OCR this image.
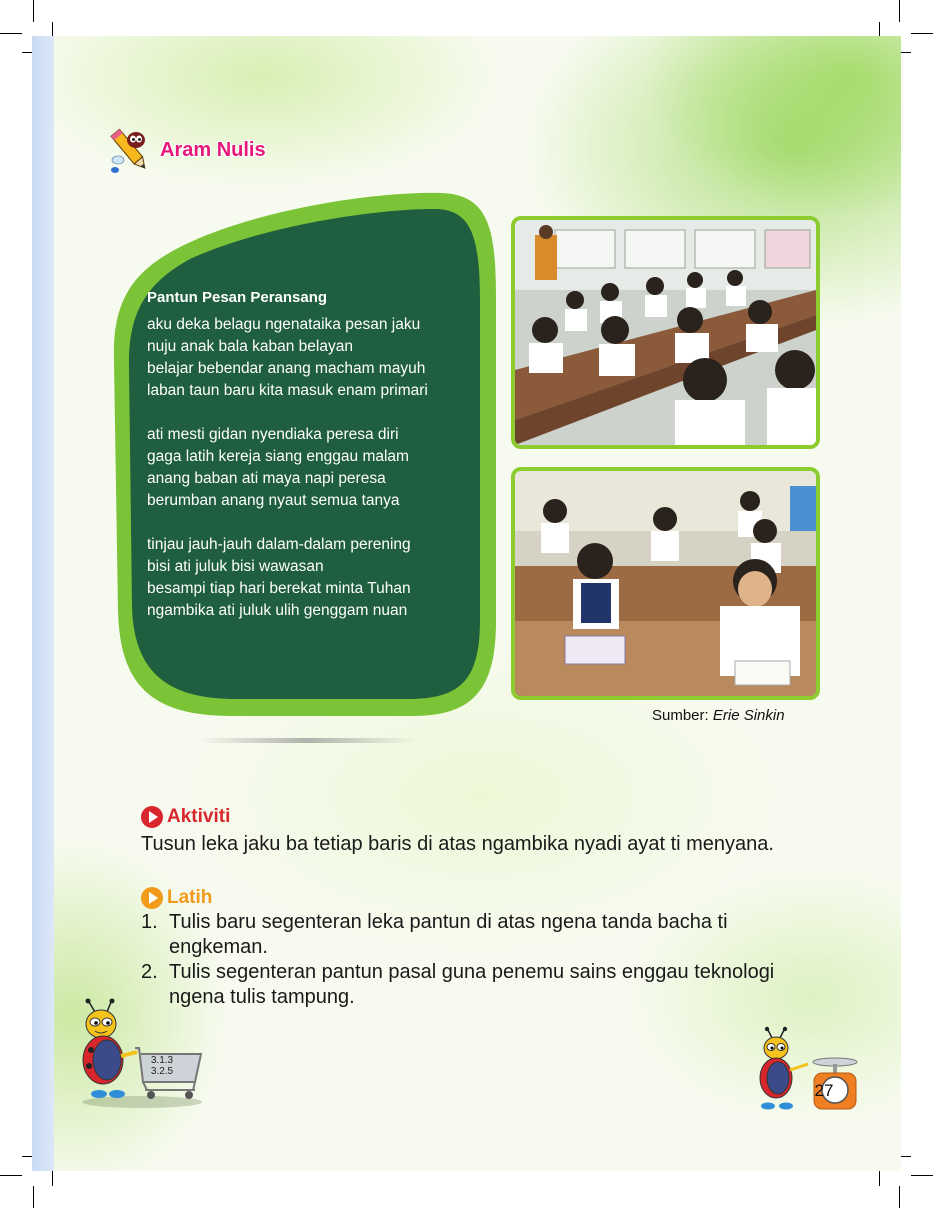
Aram Nulis
Pantun Pesan Peransang
aku deka belagu ngenataika pesan jaku
nuju anak bala kaban belayan
belajar bebendar anang macham mayuh
laban taun baru kita masuk enam primari
ati mesti gidan nyendiaka peresa diri
gaga latih kereja siang enggau malam
anang baban ati maya napi peresa
berumban anang nyaut semua tanya
tinjau jauh-jauh dalam-dalam perening
bisi ati juluk bisi wawasan
besampi tiap hari berekat minta Tuhan
ngambika ati juluk ulih genggam nuan
Sumber: Erie Sinkin
Aktiviti
Tusun leka jaku ba tetiap baris di atas ngambika nyadi ayat ti menyana.
Latih
1. Tulis baru segenteran leka pantun di atas ngena tanda bacha ti engkeman.
2. Tulis segenteran pantun pasal guna penemu sains enggau teknologi ngena tulis tampung.
3.1.3
3.2.5
27
